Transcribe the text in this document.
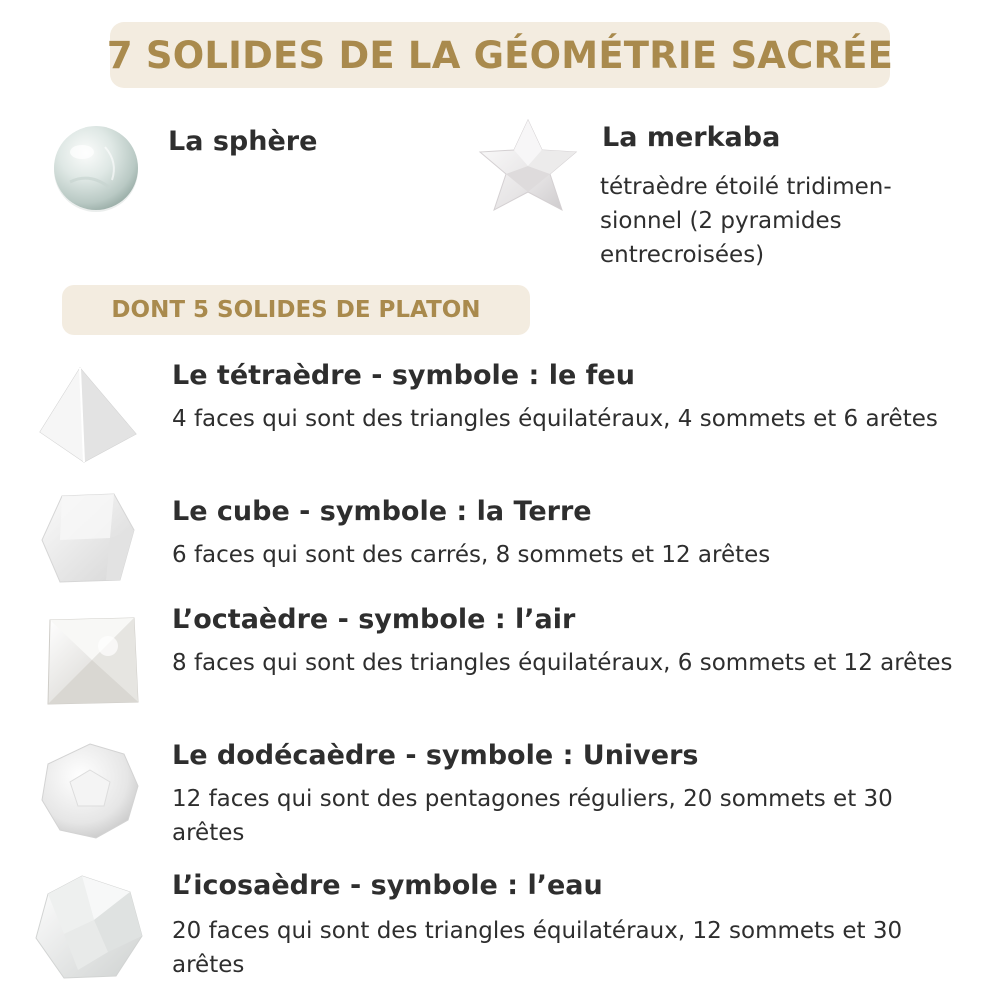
7 SOLIDES DE LA GÉOMÉTRIE SACRÉE
La sphère	La merkaba
tétraèdre étoilé tridimen-sionnel (2 pyramides entrecroisées)
DONT 5 SOLIDES DE PLATON
Le tétraèdre - symbole : le feu
4 faces qui sont des triangles équilatéraux, 4 sommets et 6 arêtes
Le cube - symbole : la Terre
6 faces qui sont des carrés, 8 sommets et 12 arêtes
L’octaèdre - symbole : l’air
8 faces qui sont des triangles équilatéraux, 6 sommets et 12 arêtes
Le dodécaèdre - symbole : Univers
12 faces qui sont des pentagones réguliers, 20 sommets et 30 arêtes
L’icosaèdre - symbole : l’eau
20 faces qui sont des triangles équilatéraux, 12 sommets et 30 arêtes
